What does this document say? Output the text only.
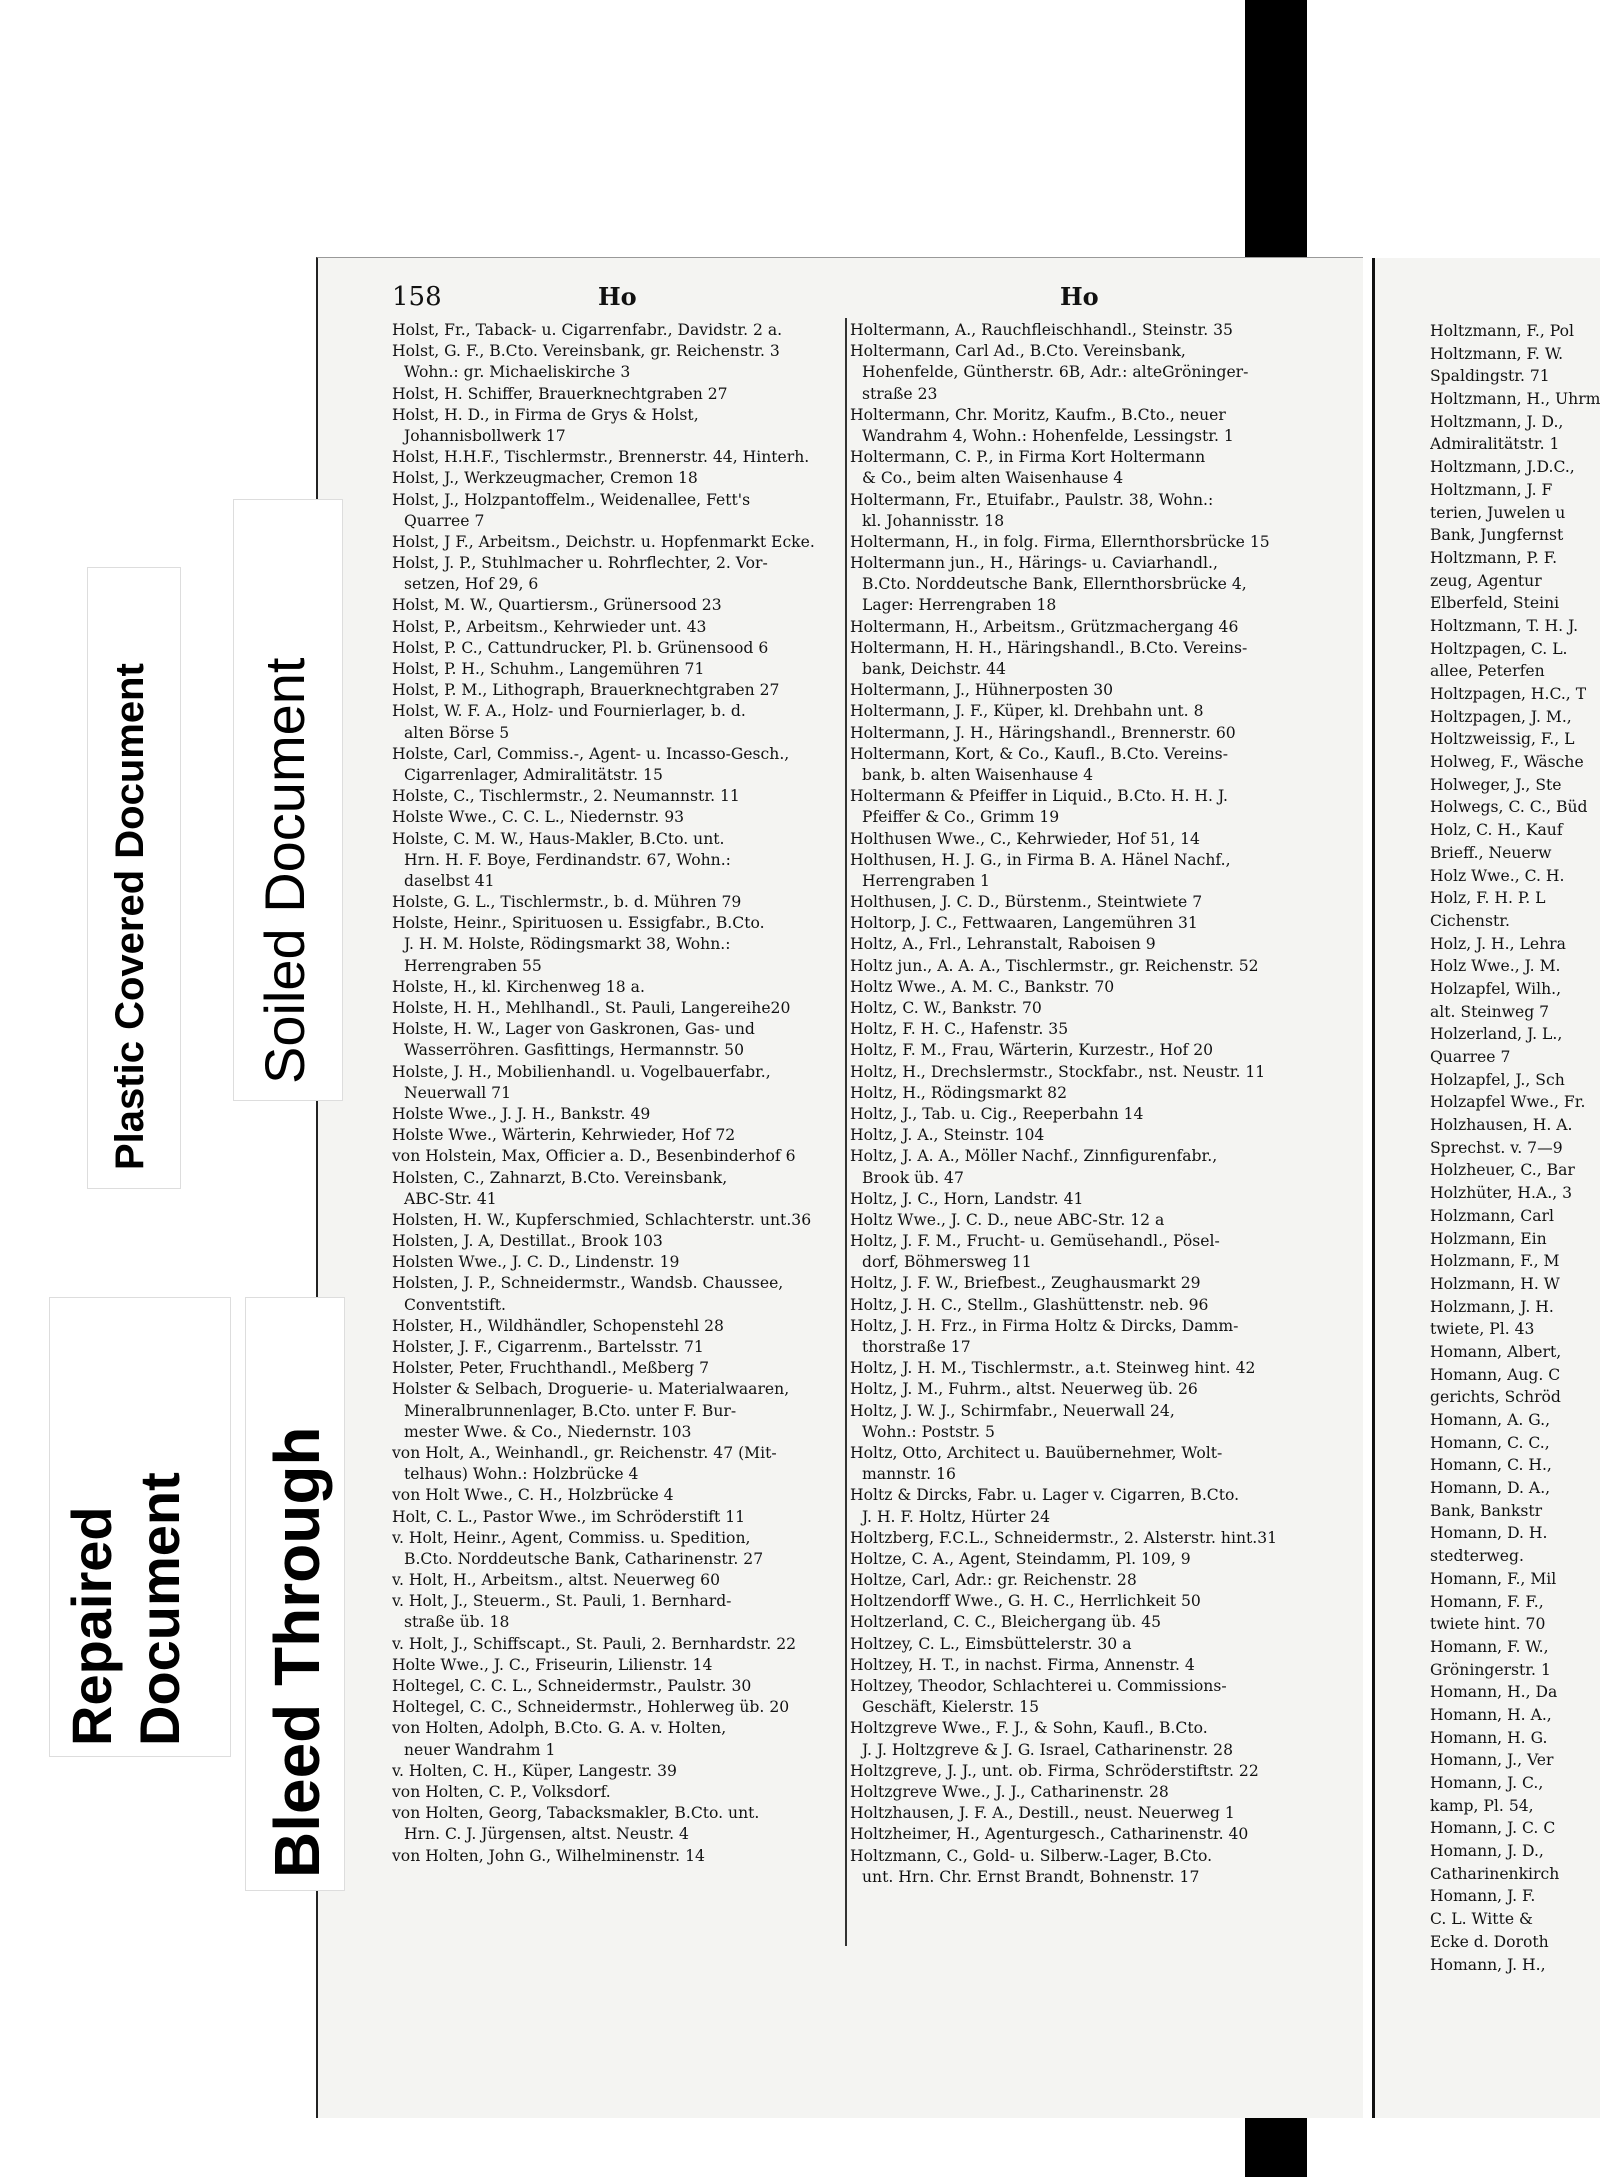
Plastic Covered Document Soiled Document
Repaired Document Bleed Through
158	Ho	Ho
Holst, Fr., Taback- u. Cigarrenfabr., Davidstr. 2 a.
Holst, G. F., B.Cto. Vereinsbank, gr. Reichenstr. 3
Wohn.: gr. Michaeliskirche 3
Holst, H. Schiffer, Brauerknechtgraben 27
Holst, H. D., in Firma de Grys & Holst,
Johannisbollwerk 17
Holst, H.H.F., Tischlermstr., Brennerstr. 44, Hinterh.
Holst, J., Werkzeugmacher, Cremon 18
Holst, J., Holzpantoffelm., Weidenallee, Fett's
Quarree 7
Holst, J F., Arbeitsm., Deichstr. u. Hopfenmarkt Ecke.
Holst, J. P., Stuhlmacher u. Rohrflechter, 2. Vor-
setzen, Hof 29, 6
Holst, M. W., Quartiersm., Grünersood 23
Holst, P., Arbeitsm., Kehrwieder unt. 43
Holst, P. C., Cattundrucker, Pl. b. Grünensood 6
Holst, P. H., Schuhm., Langemühren 71
Holst, P. M., Lithograph, Brauerknechtgraben 27
Holst, W. F. A., Holz- und Fournierlager, b. d.
alten Börse 5
Holste, Carl, Commiss.-, Agent- u. Incasso-Gesch.,
Cigarrenlager, Admiralitätstr. 15
Holste, C., Tischlermstr., 2. Neumannstr. 11
Holste Wwe., C. C. L., Niedernstr. 93
Holste, C. M. W., Haus-Makler, B.Cto. unt.
Hrn. H. F. Boye, Ferdinandstr. 67, Wohn.:
daselbst 41
Holste, G. L., Tischlermstr., b. d. Mühren 79
Holste, Heinr., Spirituosen u. Essigfabr., B.Cto.
J. H. M. Holste, Rödingsmarkt 38, Wohn.:
Herrengraben 55
Holste, H., kl. Kirchenweg 18 a.
Holste, H. H., Mehlhandl., St. Pauli, Langereihe20
Holste, H. W., Lager von Gaskronen, Gas- und
Wasserröhren. Gasfittings, Hermannstr. 50
Holste, J. H., Mobilienhandl. u. Vogelbauerfabr.,
Neuerwall 71
Holste Wwe., J. J. H., Bankstr. 49
Holste Wwe., Wärterin, Kehrwieder, Hof 72
von Holstein, Max, Officier a. D., Besenbinderhof 6
Holsten, C., Zahnarzt, B.Cto. Vereinsbank,
ABC-Str. 41
Holsten, H. W., Kupferschmied, Schlachterstr. unt.36
Holsten, J. A, Destillat., Brook 103
Holsten Wwe., J. C. D., Lindenstr. 19
Holsten, J. P., Schneidermstr., Wandsb. Chaussee,
Conventstift.
Holster, H., Wildhändler, Schopenstehl 28
Holster, J. F., Cigarrenm., Bartelsstr. 71
Holster, Peter, Fruchthandl., Meßberg 7
Holster & Selbach, Droguerie- u. Materialwaaren,
Mineralbrunnenlager, B.Cto. unter F. Bur-
mester Wwe. & Co., Niedernstr. 103
von Holt, A., Weinhandl., gr. Reichenstr. 47 (Mit-
telhaus) Wohn.: Holzbrücke 4
von Holt Wwe., C. H., Holzbrücke 4
Holt, C. L., Pastor Wwe., im Schröderstift 11
v. Holt, Heinr., Agent, Commiss. u. Spedition,
B.Cto. Norddeutsche Bank, Catharinenstr. 27
v. Holt, H., Arbeitsm., altst. Neuerweg 60
v. Holt, J., Steuerm., St. Pauli, 1. Bernhard-
straße üb. 18
v. Holt, J., Schiffscapt., St. Pauli, 2. Bernhardstr. 22
Holte Wwe., J. C., Friseurin, Lilienstr. 14
Holtegel, C. C. L., Schneidermstr., Paulstr. 30
Holtegel, C. C., Schneidermstr., Hohlerweg üb. 20
von Holten, Adolph, B.Cto. G. A. v. Holten,
neuer Wandrahm 1
v. Holten, C. H., Küper, Langestr. 39
von Holten, C. P., Volksdorf.
von Holten, Georg, Tabacksmakler, B.Cto. unt.
Hrn. C. J. Jürgensen, altst. Neustr. 4
von Holten, John G., Wilhelminenstr. 14
Holtermann, A., Rauchfleischhandl., Steinstr. 35
Holtermann, Carl Ad., B.Cto. Vereinsbank,
Hohenfelde, Güntherstr. 6B, Adr.: alteGröninger-
straße 23
Holtermann, Chr. Moritz, Kaufm., B.Cto., neuer
Wandrahm 4, Wohn.: Hohenfelde, Lessingstr. 1
Holtermann, C. P., in Firma Kort Holtermann
& Co., beim alten Waisenhause 4
Holtermann, Fr., Etuifabr., Paulstr. 38, Wohn.:
kl. Johannisstr. 18
Holtermann, H., in folg. Firma, Ellernthorsbrücke 15
Holtermann jun., H., Härings- u. Caviarhandl.,
B.Cto. Norddeutsche Bank, Ellernthorsbrücke 4,
Lager: Herrengraben 18
Holtermann, H., Arbeitsm., Grützmachergang 46
Holtermann, H. H., Häringshandl., B.Cto. Vereins-
bank, Deichstr. 44
Holtermann, J., Hühnerposten 30
Holtermann, J. F., Küper, kl. Drehbahn unt. 8
Holtermann, J. H., Häringshandl., Brennerstr. 60
Holtermann, Kort, & Co., Kaufl., B.Cto. Vereins-
bank, b. alten Waisenhause 4
Holtermann & Pfeiffer in Liquid., B.Cto. H. H. J.
Pfeiffer & Co., Grimm 19
Holthusen Wwe., C., Kehrwieder, Hof 51, 14
Holthusen, H. J. G., in Firma B. A. Hänel Nachf.,
Herrengraben 1
Holthusen, J. C. D., Bürstenm., Steintwiete 7
Holtorp, J. C., Fettwaaren, Langemühren 31
Holtz, A., Frl., Lehranstalt, Raboisen 9
Holtz jun., A. A. A., Tischlermstr., gr. Reichenstr. 52
Holtz Wwe., A. M. C., Bankstr. 70
Holtz, C. W., Bankstr. 70
Holtz, F. H. C., Hafenstr. 35
Holtz, F. M., Frau, Wärterin, Kurzestr., Hof 20
Holtz, H., Drechslermstr., Stockfabr., nst. Neustr. 11
Holtz, H., Rödingsmarkt 82
Holtz, J., Tab. u. Cig., Reeperbahn 14
Holtz, J. A., Steinstr. 104
Holtz, J. A. A., Möller Nachf., Zinnfigurenfabr.,
Brook üb. 47
Holtz, J. C., Horn, Landstr. 41
Holtz Wwe., J. C. D., neue ABC-Str. 12 a
Holtz, J. F. M., Frucht- u. Gemüsehandl., Pösel-
dorf, Böhmersweg 11
Holtz, J. F. W., Briefbest., Zeughausmarkt 29
Holtz, J. H. C., Stellm., Glashüttenstr. neb. 96
Holtz, J. H. Frz., in Firma Holtz & Dircks, Damm-
thorstraße 17
Holtz, J. H. M., Tischlermstr., a.t. Steinweg hint. 42
Holtz, J. M., Fuhrm., altst. Neuerweg üb. 26
Holtz, J. W. J., Schirmfabr., Neuerwall 24,
Wohn.: Poststr. 5
Holtz, Otto, Architect u. Bauübernehmer, Wolt-
mannstr. 16
Holtz & Dircks, Fabr. u. Lager v. Cigarren, B.Cto.
J. H. F. Holtz, Hürter 24
Holtzberg, F.C.L., Schneidermstr., 2. Alsterstr. hint.31
Holtze, C. A., Agent, Steindamm, Pl. 109, 9
Holtze, Carl, Adr.: gr. Reichenstr. 28
Holtzendorff Wwe., G. H. C., Herrlichkeit 50
Holtzerland, C. C., Bleichergang üb. 45
Holtzey, C. L., Eimsbüttelerstr. 30 a
Holtzey, H. T., in nachst. Firma, Annenstr. 4
Holtzey, Theodor, Schlachterei u. Commissions-
Geschäft, Kielerstr. 15
Holtzgreve Wwe., F. J., & Sohn, Kaufl., B.Cto.
J. J. Holtzgreve & J. G. Israel, Catharinenstr. 28
Holtzgreve, J. J., unt. ob. Firma, Schröderstiftstr. 22
Holtzgreve Wwe., J. J., Catharinenstr. 28
Holtzhausen, J. F. A., Destill., neust. Neuerweg 1
Holtzheimer, H., Agenturgesch., Catharinenstr. 40
Holtzmann, C., Gold- u. Silberw.-Lager, B.Cto.
unt. Hrn. Chr. Ernst Brandt, Bohnenstr. 17
Holtzmann, F., Pol
Holtzmann, F. W.
Spaldingstr. 71
Holtzmann, H., Uhrm
Holtzmann, J. D.,
Admiralitätstr. 1
Holtzmann, J.D.C.,
Holtzmann, J. F
terien, Juwelen u
Bank, Jungfernst
Holtzmann, P. F.
zeug, Agentur
Elberfeld, Steini
Holtzmann, T. H. J.
Holtzpagen, C. L.
allee, Peterfen
Holtzpagen, H.C., T
Holtzpagen, J. M.,
Holtzweissig, F., L
Holweg, F., Wäsche
Holweger, J., Ste
Holwegs, C. C., Büd
Holz, C. H., Kauf
Brieff., Neuerw
Holz Wwe., C. H.
Holz, F. H. P. L
Cichenstr.
Holz, J. H., Lehra
Holz Wwe., J. M.
Holzapfel, Wilh.,
alt. Steinweg 7
Holzerland, J. L.,
Quarree 7
Holzapfel, J., Sch
Holzapfel Wwe., Fr.
Holzhausen, H. A.
Sprechst. v. 7—9
Holzheuer, C., Bar
Holzhüter, H.A., 3
Holzmann, Carl
Holzmann, Ein
Holzmann, F., M
Holzmann, H. W
Holzmann, J. H.
twiete, Pl. 43
Homann, Albert,
Homann, Aug. C
gerichts, Schröd
Homann, A. G.,
Homann, C. C.,
Homann, C. H.,
Homann, D. A.,
Bank, Bankstr
Homann, D. H.
stedterweg.
Homann, F., Mil
Homann, F. F.,
twiete hint. 70
Homann, F. W.,
Gröningerstr. 1
Homann, H., Da
Homann, H. A.,
Homann, H. G.
Homann, J., Ver
Homann, J. C.,
kamp, Pl. 54,
Homann, J. C. C
Homann, J. D.,
Catharinenkirch
Homann, J. F.
C. L. Witte &
Ecke d. Doroth
Homann, J. H.,
